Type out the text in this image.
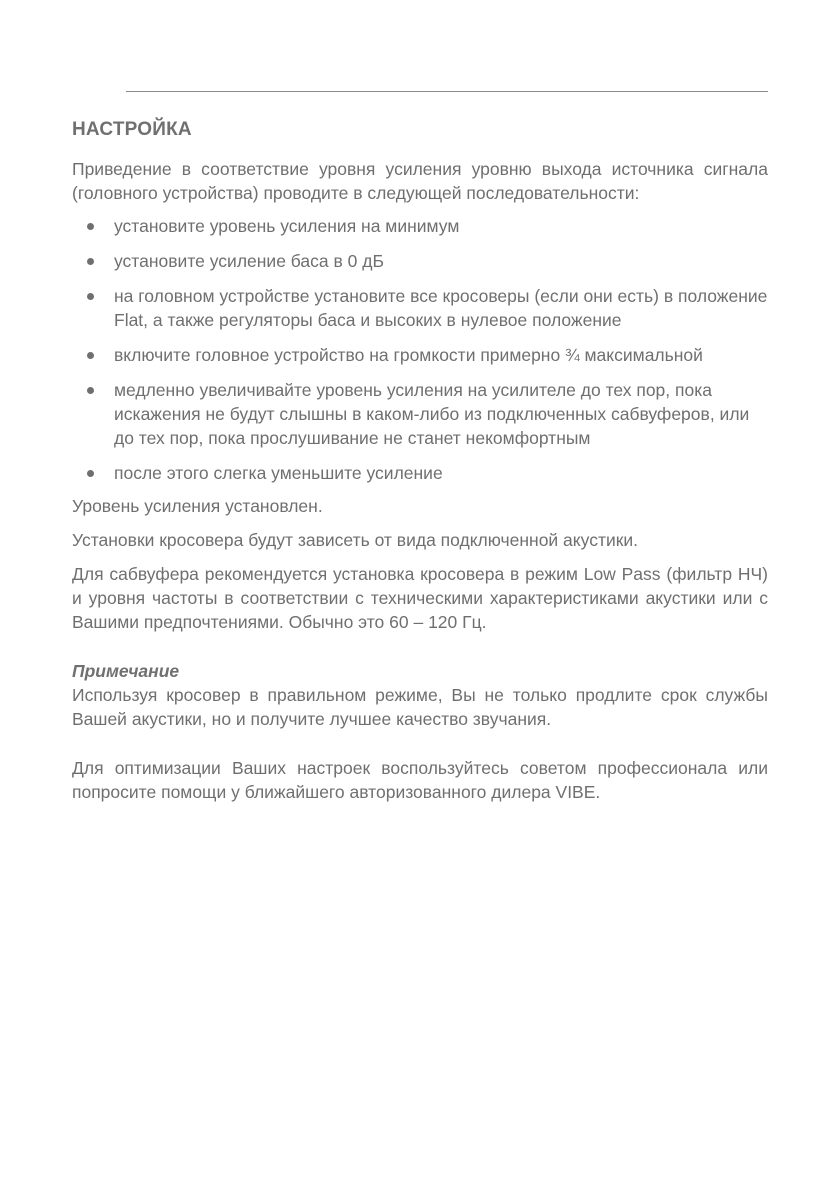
НАСТРОЙКА

Приведение в соответствие уровня усиления уровню выхода источника сигнала (головного устройства) проводите в следующей последовательности:

установите уровень усиления на минимум
установите усиление баса в 0 дБ
на головном устройстве установите все кросоверы (если они есть) в положение Flat, а также регуляторы баса и высоких в нулевое положение
включите головное устройство на громкости примерно ¾ максимальной
медленно увеличивайте уровень усиления на усилителе до тех пор, пока искажения не будут слышны в каком-либо из подключенных сабвуферов, или до тех пор, пока прослушивание не станет некомфортным
после этого слегка уменьшите усиление

Уровень усиления установлен.

Установки кросовера будут зависеть от вида подключенной акустики.

Для сабвуфера рекомендуется установка кросовера в режим Low Pass (фильтр НЧ) и уровня частоты в соответствии с техническими характеристиками акустики или с Вашими предпочтениями. Обычно это 60 – 120 Гц.

Примечание

Используя кросовер в правильном режиме, Вы не только продлите срок службы Вашей акустики, но и получите лучшее качество звучания.

Для оптимизации Ваших настроек воспользуйтесь советом профессионала или попросите помощи у ближайшего авторизованного дилера VIBE.
